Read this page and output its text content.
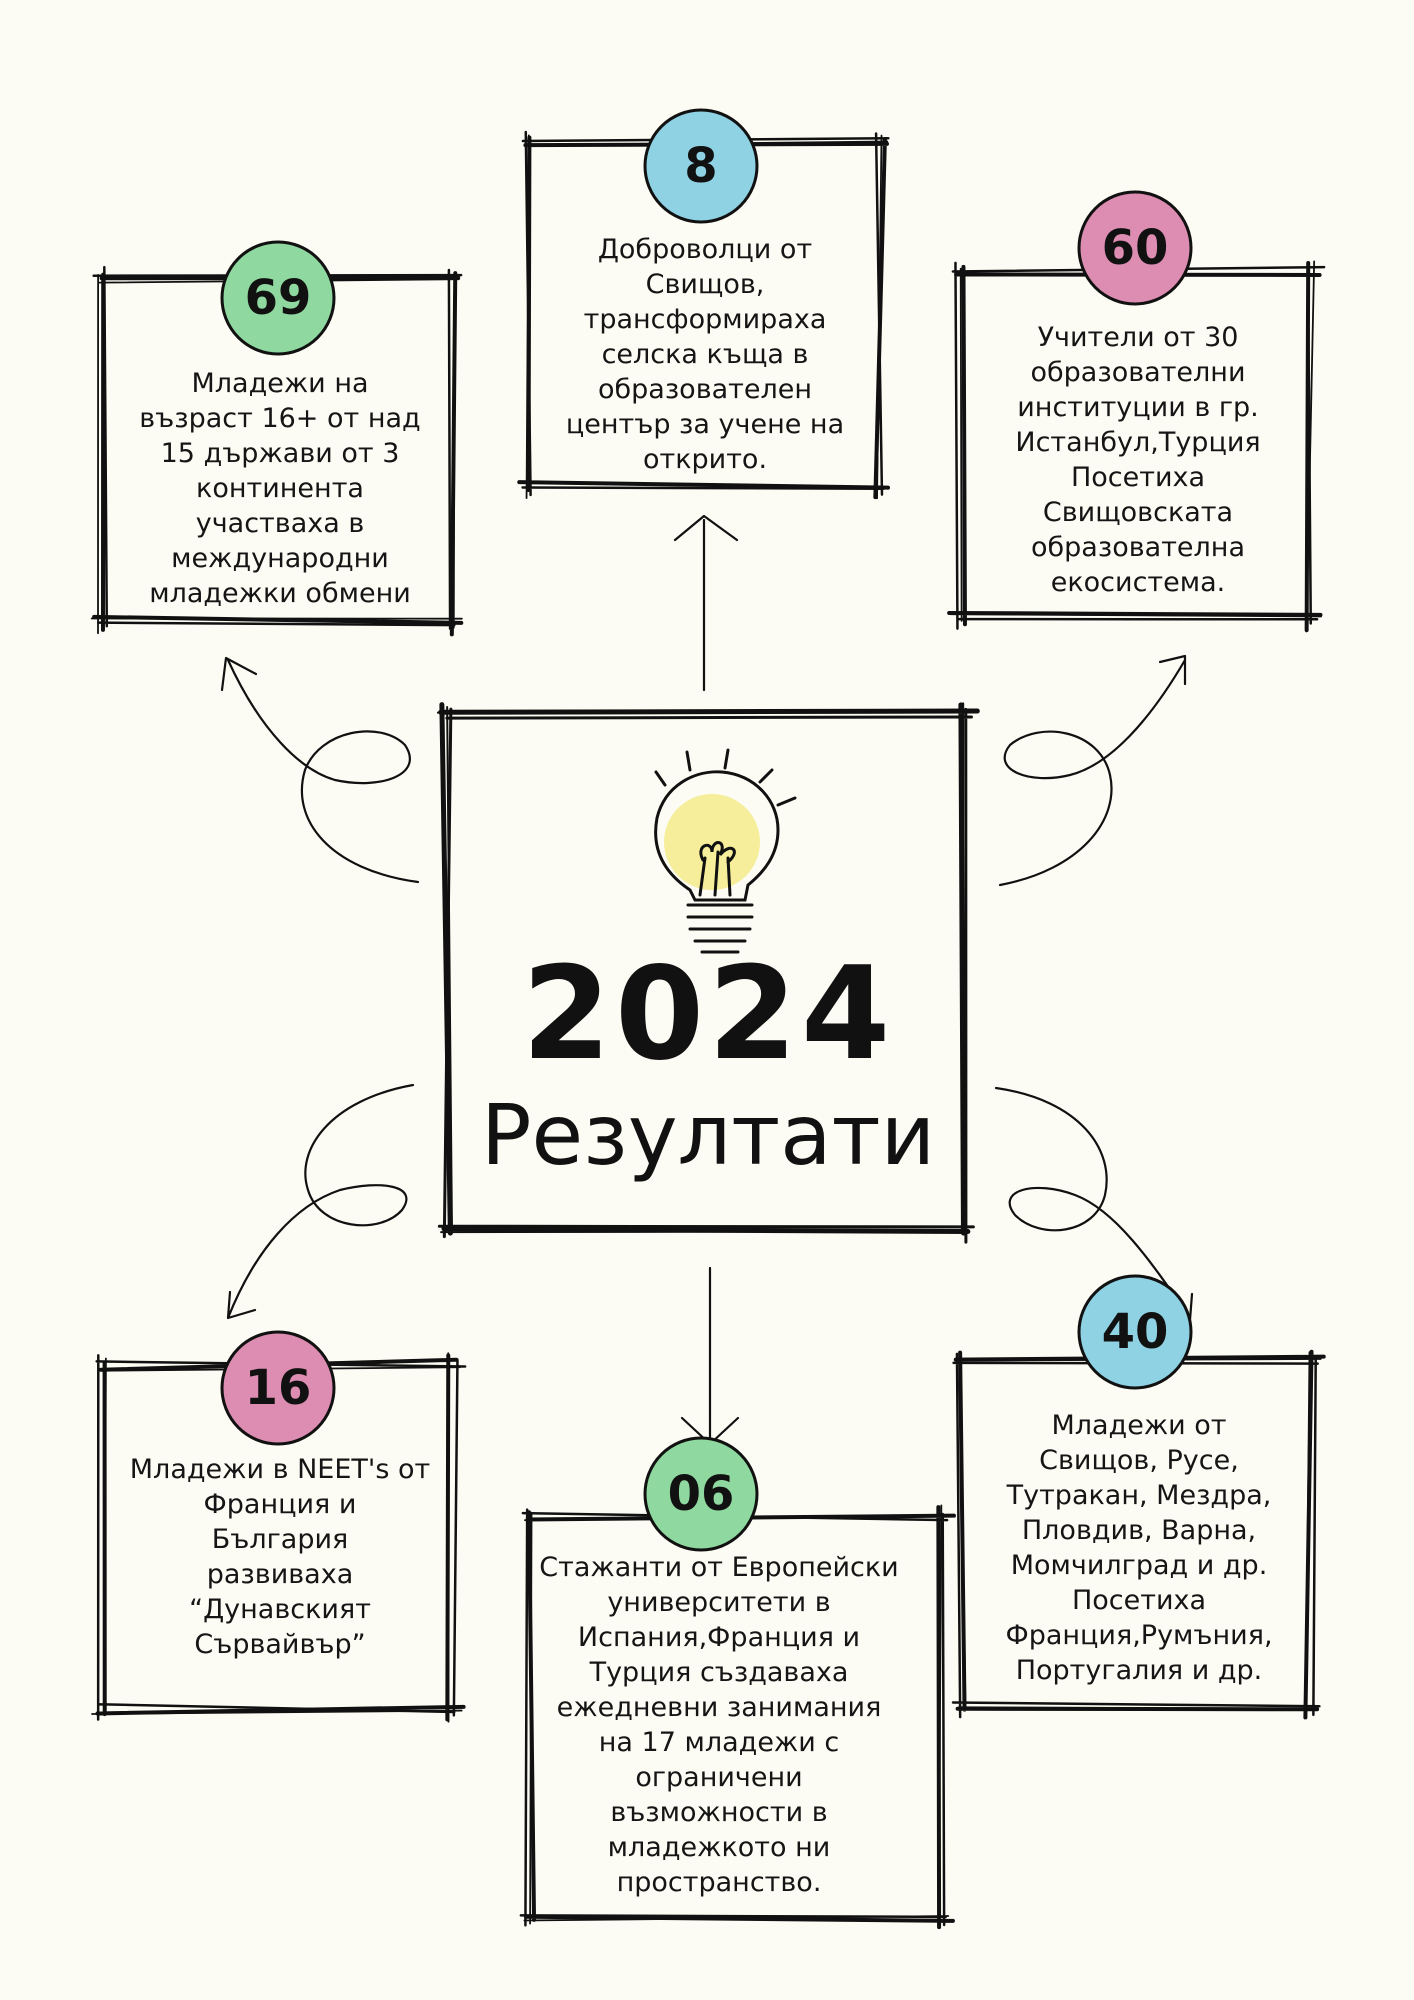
2024
Резултати
69
8
60
16
06
40
Младежи на
възраст 16+ от над
15 държави от 3
континента
участваха в
международни
младежки обмени
Доброволци от
Свищов,
трансформираха
селска къща в
образователен
център за учене на
открито.
Учители от 30
образователни
институции в гр.
Истанбул,Турция
Посетиха
Свищовската
образователна
екосистема.
Младежи в NEET's от
Франция и
България
развиваха
“Дунавският
Сървайвър”
Стажанти от Европейски
университети в
Испания,Франция и
Турция създаваха
ежедневни занимания
на 17 младежи с
ограничени
възможности в
младежкото ни
пространство.
Младежи от
Свищов, Русе,
Тутракан, Мездра,
Пловдив, Варна,
Момчилград и др.
Посетиха
Франция,Румъния,
Португалия и др.
